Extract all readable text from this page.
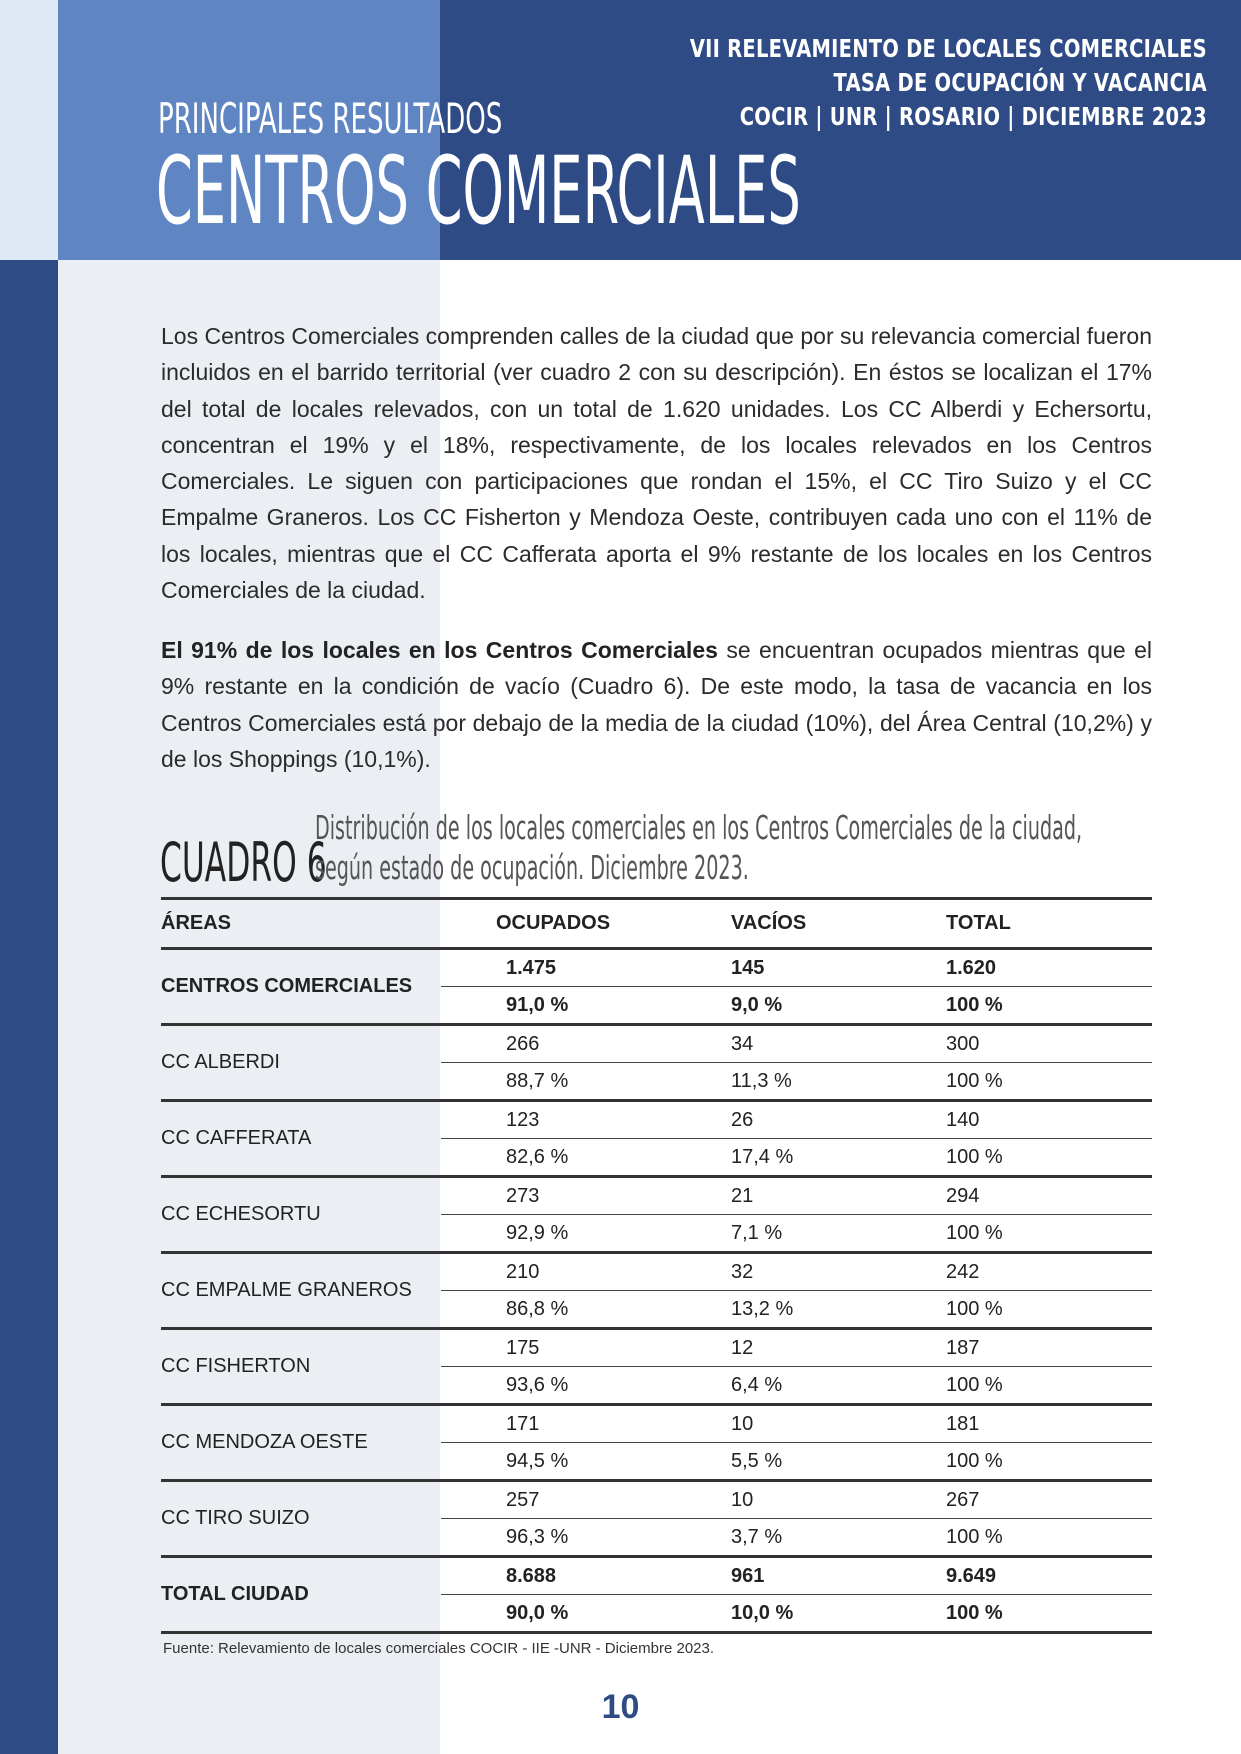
VII RELEVAMIENTO DE LOCALES COMERCIALES
TASA DE OCUPACIÓN Y VACANCIA
COCIR | UNR | ROSARIO | DICIEMBRE 2023
PRINCIPALES RESULTADOS
CENTROS COMERCIALES

Los Centros Comerciales comprenden calles de la ciudad que por su relevancia comercial fueron incluidos en el barrido territorial (ver cuadro 2 con su descripción). En éstos se localizan el 17% del total de locales relevados, con un total de 1.620 unidades. Los CC Alberdi y Echersortu, concentran el 19% y el 18%, respectivamente, de los locales relevados en los Centros Comerciales. Le siguen con participaciones que rondan el 15%, el CC Tiro Suizo y el CC Empalme Graneros. Los CC Fisherton y Mendoza Oeste, contribuyen cada uno con el 11% de los locales, mientras que el CC Cafferata aporta el 9% restante de los locales en los Centros Comerciales de la ciudad.

El 91% de los locales en los Centros Comerciales se encuentran ocupados mientras que el 9% restante en la condición de vacío (Cuadro 6). De este modo, la tasa de vacancia en los Centros Comerciales está por debajo de la media de la ciudad (10%), del Área Central (10,2%) y de los Shoppings (10,1%).

CUADRO 6
Distribución de los locales comerciales en los Centros Comerciales de la ciudad,
según estado de ocupación. Diciembre 2023.
ÁREAS	OCUPADOS	VACÍOS	TOTAL
CENTROS COMERCIALES	1.475	145	1.620
	91,0 %	9,0 %	100 %
CC ALBERDI	266	34	300
	88,7 %	11,3 %	100 %
CC CAFFERATA	123	26	140
	82,6 %	17,4 %	100 %
CC ECHESORTU	273	21	294
	92,9 %	7,1 %	100 %
CC EMPALME GRANEROS	210	32	242
	86,8 %	13,2 %	100 %
CC FISHERTON	175	12	187
	93,6 %	6,4 %	100 %
CC MENDOZA OESTE	171	10	181
	94,5 %	5,5 %	100 %
CC TIRO SUIZO	257	10	267
	96,3 %	3,7 %	100 %
TOTAL CIUDAD	8.688	961	9.649
	90,0 %	10,0 %	100 %
Fuente: Relevamiento de locales comerciales COCIR - IIE -UNR - Diciembre 2023.
10
